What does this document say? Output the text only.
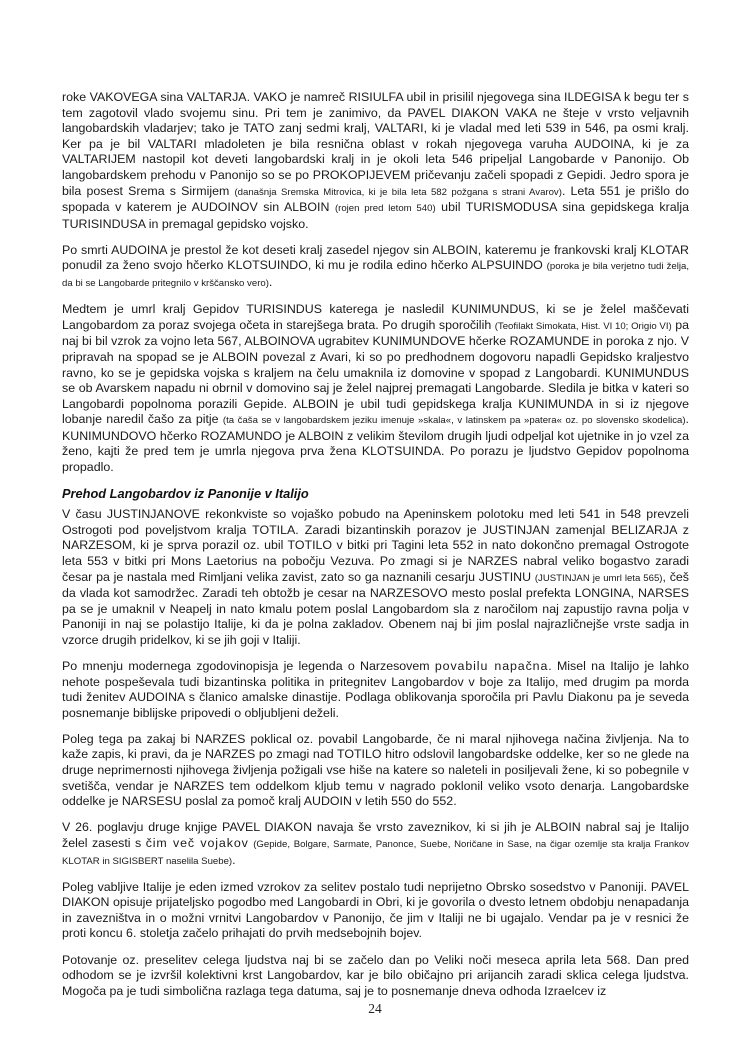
roke VAKOVEGA sina VALTARJA. VAKO je namreč RISIULFA ubil in prisilil njegovega sina ILDEGISA k begu ter s tem zagotovil vlado svojemu sinu. Pri tem je zanimivo, da PAVEL DIAKON VAKA ne šteje v vrsto veljavnih langobardskih vladarjev; tako je TATO zanj sedmi kralj, VALTARI, ki je vladal med leti 539 in 546, pa osmi kralj. Ker pa je bil VALTARI mladoleten je bila resnična oblast v rokah njegovega varuha AUDOINA, ki je za VALTARIJEM nastopil kot deveti langobardski kralj in je okoli leta 546 pripeljal Langobarde v Panonijo. Ob langobardskem prehodu v Panonijo so se po PROKOPIJEVEM pričevanju začeli spopadi z Gepidi. Jedro spora je bila posest Srema s Sirmijem (današnja Sremska Mitrovica, ki je bila leta 582 požgana s strani Avarov). Leta 551 je prišlo do spopada v katerem je AUDOINOV sin ALBOIN (rojen pred letom 540) ubil TURISMODUSA sina gepidskega kralja TURISINDUSA in premagal gepidsko vojsko.

Po smrti AUDOINA je prestol že kot deseti kralj zasedel njegov sin ALBOIN, kateremu je frankovski kralj KLOTAR ponudil za ženo svojo hčerko KLOTSUINDO, ki mu je rodila edino hčerko ALPSUINDO (poroka je bila verjetno tudi želja, da bi se Langobarde pritegnilo v krščansko vero).

Medtem je umrl kralj Gepidov TURISINDUS katerega je nasledil KUNIMUNDUS, ki se je želel maščevati Langobardom za poraz svojega očeta in starejšega brata. Po drugih sporočilih (Teofilakt Simokata, Hist. VI 10; Origio VI) pa naj bi bil vzrok za vojno leta 567, ALBOINOVA ugrabitev KUNIMUNDOVE hčerke ROZAMUNDE in poroka z njo. V pripravah na spopad se je ALBOIN povezal z Avari, ki so po predhodnem dogovoru napadli Gepidsko kraljestvo ravno, ko se je gepidska vojska s kraljem na čelu umaknila iz domovine v spopad z Langobardi. KUNIMUNDUS se ob Avarskem napadu ni obrnil v domovino saj je želel najprej premagati Langobarde. Sledila je bitka v kateri so Langobardi popolnoma porazili Gepide. ALBOIN je ubil tudi gepidskega kralja KUNIMUNDA in si iz njegove lobanje naredil čašo za pitje (ta čaša se v langobardskem jeziku imenuje »skala«, v latinskem pa »patera« oz. po slovensko skodelica). KUNIMUNDOVO hčerko ROZAMUNDO je ALBOIN z velikim številom drugih ljudi odpeljal kot ujetnike in jo vzel za ženo, kajti že pred tem je umrla njegova prva žena KLOTSUINDA. Po porazu je ljudstvo Gepidov popolnoma propadlo.

Prehod Langobardov iz Panonije v Italijo

V času JUSTINJANOVE rekonkviste so vojaško pobudo na Apeninskem polotoku med leti 541 in 548 prevzeli Ostrogoti pod poveljstvom kralja TOTILA. Zaradi bizantinskih porazov je JUSTINJAN zamenjal BELIZARJA z NARZESOM, ki je sprva porazil oz. ubil TOTILO v bitki pri Tagini leta 552 in nato dokončno premagal Ostrogote leta 553 v bitki pri Mons Laetorius na pobočju Vezuva. Po zmagi si je NARZES nabral veliko bogastvo zaradi česar pa je nastala med Rimljani velika zavist, zato so ga naznanili cesarju JUSTINU (JUSTINJAN je umrl leta 565), češ da vlada kot samodržec. Zaradi teh obtožb je cesar na NARZESOVO mesto poslal prefekta LONGINA, NARSES pa se je umaknil v Neapelj in nato kmalu potem poslal Langobardom sla z naročilom naj zapustijo ravna polja v Panoniji in naj se polastijo Italije, ki da je polna zakladov. Obenem naj bi jim poslal najrazličnejše vrste sadja in vzorce drugih pridelkov, ki se jih goji v Italiji.

Po mnenju modernega zgodovinopisja je legenda o Narzesovem povabilu napačna. Misel na Italijo je lahko nehote pospeševala tudi bizantinska politika in pritegnitev Langobardov v boje za Italijo, med drugim pa morda tudi ženitev AUDOINA s članico amalske dinastije. Podlaga oblikovanja sporočila pri Pavlu Diakonu pa je seveda posnemanje biblijske pripovedi o obljubljeni deželi.

Poleg tega pa zakaj bi NARZES poklical oz. povabil Langobarde, če ni maral njihovega načina življenja. Na to kaže zapis, ki pravi, da je NARZES po zmagi nad TOTILO hitro odslovil langobardske oddelke, ker so ne glede na druge neprimernosti njihovega življenja požigali vse hiše na katere so naleteli in posiljevali žene, ki so pobegnile v svetišča, vendar je NARZES tem oddelkom kljub temu v nagrado poklonil veliko vsoto denarja. Langobardske oddelke je NARSESU poslal za pomoč kralj AUDOIN v letih 550 do 552.

V 26. poglavju druge knjige PAVEL DIAKON navaja še vrsto zaveznikov, ki si jih je ALBOIN nabral saj je Italijo želel zasesti s čim več vojakov (Gepide, Bolgare, Sarmate, Panonce, Suebe, Noričane in Sase, na čigar ozemlje sta kralja Frankov KLOTAR in SIGISBERT naselila Suebe).

Poleg vabljive Italije je eden izmed vzrokov za selitev postalo tudi neprijetno Obrsko sosedstvo v Panoniji. PAVEL DIAKON opisuje prijateljsko pogodbo med Langobardi in Obri, ki je govorila o dvesto letnem obdobju nenapadanja in zavezništva in o možni vrnitvi Langobardov v Panonijo, če jim v Italiji ne bi ugajalo. Vendar pa je v resnici že proti koncu 6. stoletja začelo prihajati do prvih medsebojnih bojev.

Potovanje oz. preselitev celega ljudstva naj bi se začelo dan po Veliki noči meseca aprila leta 568. Dan pred odhodom se je izvršil kolektivni krst Langobardov, kar je bilo običajno pri arijancih zaradi sklica celega ljudstva. Mogoča pa je tudi simbolična razlaga tega datuma, saj je to posnemanje dneva odhoda Izraelcev iz

24
